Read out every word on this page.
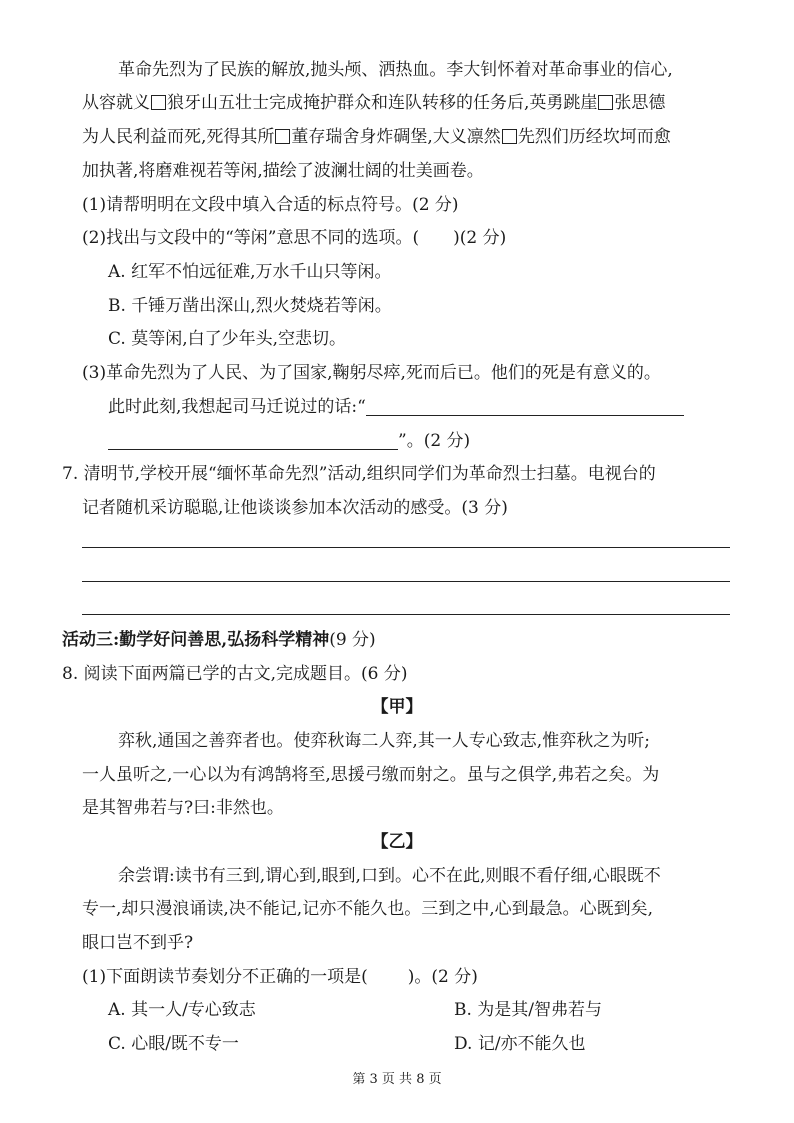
革命先烈为了民族的解放,抛头颅、洒热血。李大钊怀着对革命事业的信心,
从容就义 狼牙山五壮士完成掩护群众和连队转移的任务后,英勇跳崖 张思德
为人民利益而死,死得其所 董存瑞舍身炸碉堡,大义凛然 先烈们历经坎坷而愈
加执著,将磨难视若等闲,描绘了波澜壮阔的壮美画卷。
(1)请帮明明在文段中填入合适的标点符号。(2 分)
(2)找出与文段中的“等闲”意思不同的选项。( )(2 分)
A. 红军不怕远征难,万水千山只等闲。
B. 千锤万凿出深山,烈火焚烧若等闲。
C. 莫等闲,白了少年头,空悲切。
(3)革命先烈为了人民、为了国家,鞠躬尽瘁,死而后已。他们的死是有意义的。
此时此刻,我想起司马迁说过的话:“
”。(2 分)
7. 清明节,学校开展“缅怀革命先烈”活动,组织同学们为革命烈士扫墓。电视台的
记者随机采访聪聪,让他谈谈参加本次活动的感受。(3 分)
活动三:勤学好问善思,弘扬科学精神(9 分)
8. 阅读下面两篇已学的古文,完成题目。(6 分)
【甲】
弈秋,通国之善弈者也。使弈秋诲二人弈,其一人专心致志,惟弈秋之为听;
一人虽听之,一心以为有鸿鹄将至,思援弓缴而射之。虽与之俱学,弗若之矣。为
是其智弗若与?曰:非然也。
【乙】
余尝谓:读书有三到,谓心到,眼到,口到。心不在此,则眼不看仔细,心眼既不
专一,却只漫浪诵读,决不能记,记亦不能久也。三到之中,心到最急。心既到矣,
眼口岂不到乎?
(1)下面朗读节奏划分不正确的一项是( )。(2 分)
A. 其一人/专心致志	B. 为是其/智弗若与
C. 心眼/既不专一	D. 记/亦不能久也
第 3 页 共 8 页
